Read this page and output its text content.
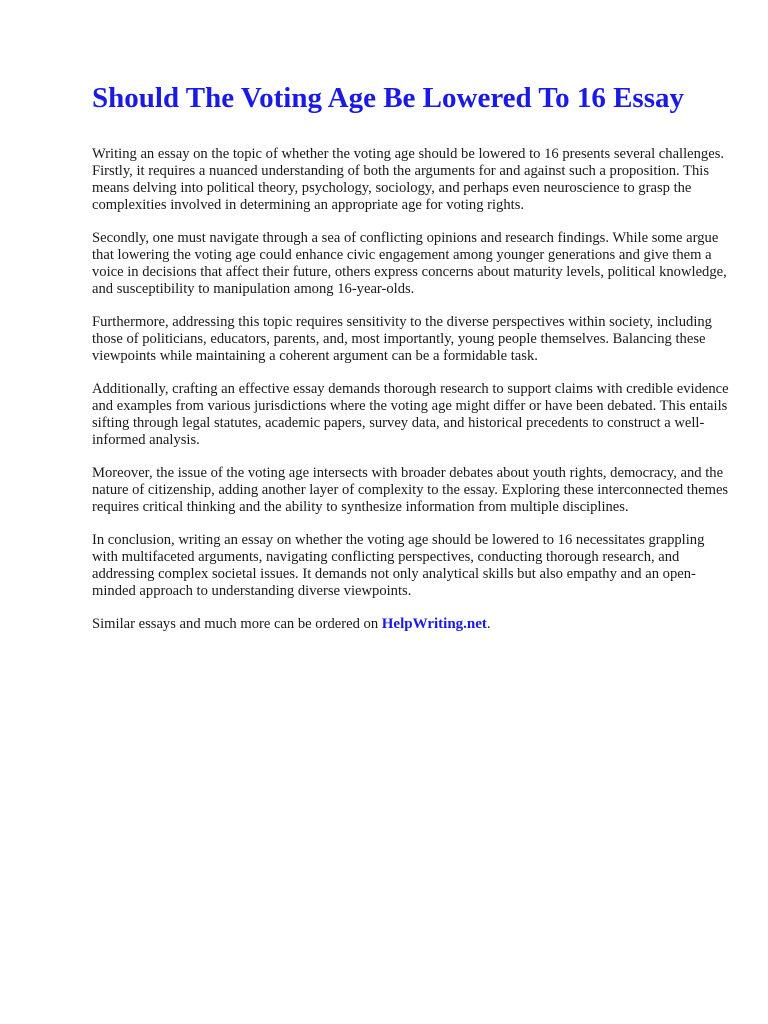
Should The Voting Age Be Lowered To 16 Essay

Writing an essay on the topic of whether the voting age should be lowered to 16 presents several challenges. Firstly, it requires a nuanced understanding of both the arguments for and against such a proposition. This means delving into political theory, psychology, sociology, and perhaps even neuroscience to grasp the complexities involved in determining an appropriate age for voting rights.

Secondly, one must navigate through a sea of conflicting opinions and research findings. While some argue that lowering the voting age could enhance civic engagement among younger generations and give them a voice in decisions that affect their future, others express concerns about maturity levels, political knowledge, and susceptibility to manipulation among 16-year-olds.

Furthermore, addressing this topic requires sensitivity to the diverse perspectives within society, including those of politicians, educators, parents, and, most importantly, young people themselves. Balancing these viewpoints while maintaining a coherent argument can be a formidable task.

Additionally, crafting an effective essay demands thorough research to support claims with credible evidence and examples from various jurisdictions where the voting age might differ or have been debated. This entails sifting through legal statutes, academic papers, survey data, and historical precedents to construct a well-informed analysis.

Moreover, the issue of the voting age intersects with broader debates about youth rights, democracy, and the nature of citizenship, adding another layer of complexity to the essay. Exploring these interconnected themes requires critical thinking and the ability to synthesize information from multiple disciplines.

In conclusion, writing an essay on whether the voting age should be lowered to 16 necessitates grappling with multifaceted arguments, navigating conflicting perspectives, conducting thorough research, and addressing complex societal issues. It demands not only analytical skills but also empathy and an open-minded approach to understanding diverse viewpoints.

Similar essays and much more can be ordered on HelpWriting.net.
